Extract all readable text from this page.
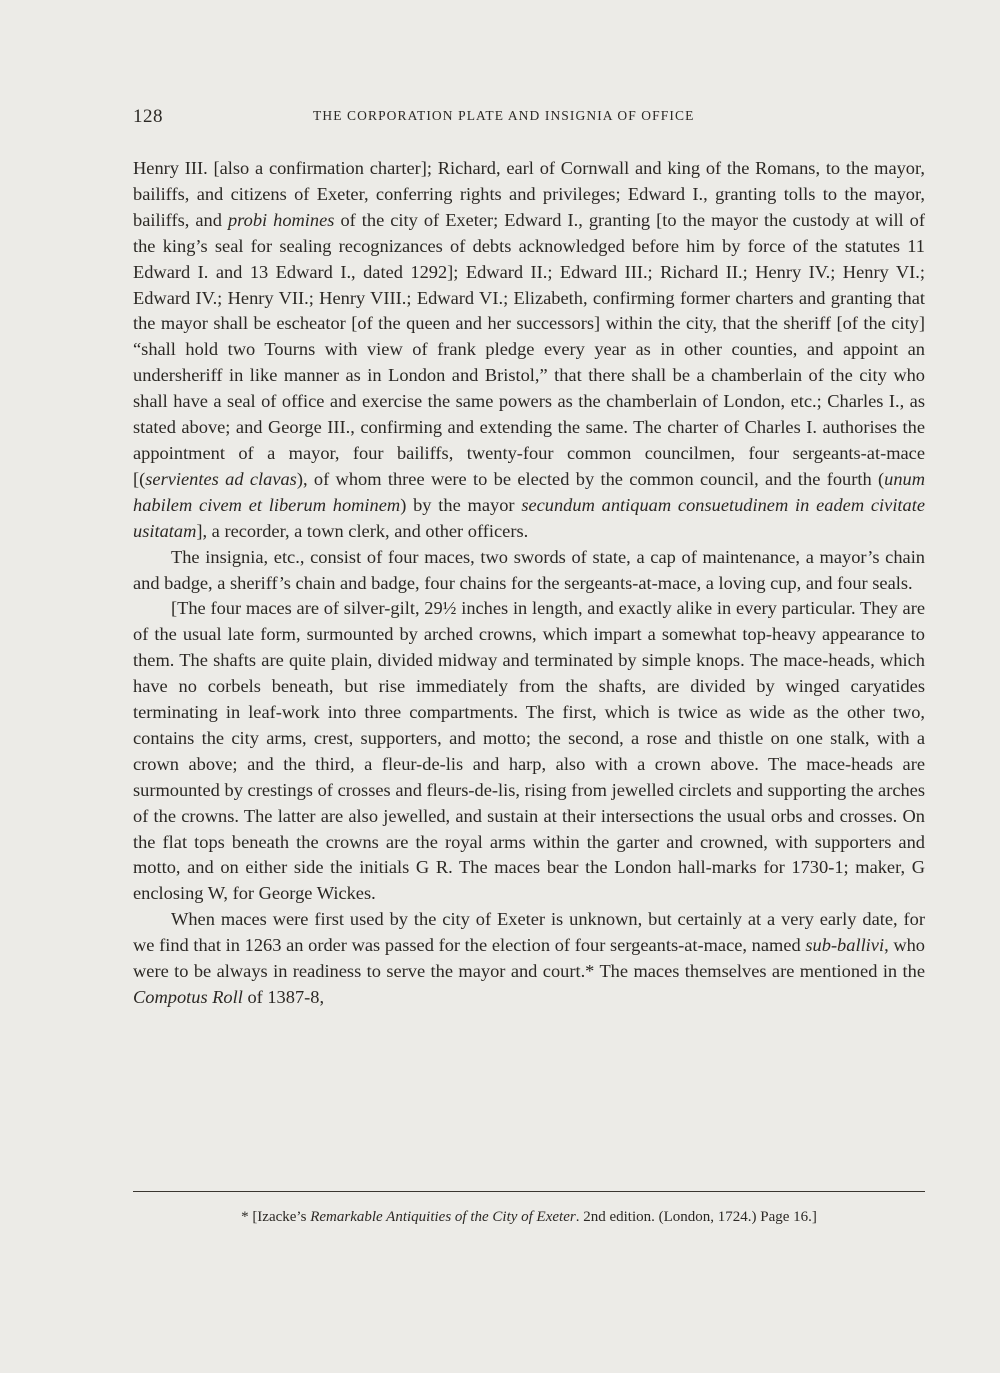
128	THE CORPORATION PLATE AND INSIGNIA OF OFFICE

Henry III. [also a confirmation charter]; Richard, earl of Cornwall and king of the Romans, to the mayor, bailiffs, and citizens of Exeter, conferring rights and privileges; Edward I., granting tolls to the mayor, bailiffs, and probi homines of the city of Exeter; Edward I., granting [to the mayor the custody at will of the king’s seal for sealing recognizances of debts acknowledged before him by force of the statutes 11 Edward I. and 13 Edward I., dated 1292]; Edward II.; Edward III.; Richard II.; Henry IV.; Henry VI.; Edward IV.; Henry VII.; Henry VIII.; Edward VI.; Elizabeth, confirming former charters and granting that the mayor shall be escheator [of the queen and her successors] within the city, that the sheriff [of the city] “shall hold two Tourns with view of frank pledge every year as in other counties, and appoint an undersheriff in like manner as in London and Bristol,” that there shall be a chamberlain of the city who shall have a seal of office and exercise the same powers as the chamberlain of London, etc.; Charles I., as stated above; and George III., confirming and extending the same. The charter of Charles I. authorises the appointment of a mayor, four bailiffs, twenty-four common councilmen, four sergeants-at-mace [(servientes ad clavas), of whom three were to be elected by the common council, and the fourth (unum habilem civem et liberum hominem) by the mayor secundum antiquam consuetudinem in eadem civitate usitatam], a recorder, a town clerk, and other officers.

The insignia, etc., consist of four maces, two swords of state, a cap of maintenance, a mayor’s chain and badge, a sheriff’s chain and badge, four chains for the sergeants-at-mace, a loving cup, and four seals.

[The four maces are of silver-gilt, 29½ inches in length, and exactly alike in every particular. They are of the usual late form, surmounted by arched crowns, which impart a somewhat top-heavy appearance to them. The shafts are quite plain, divided midway and terminated by simple knops. The mace-heads, which have no corbels beneath, but rise immediately from the shafts, are divided by winged caryatides terminating in leaf-work into three compartments. The first, which is twice as wide as the other two, contains the city arms, crest, supporters, and motto; the second, a rose and thistle on one stalk, with a crown above; and the third, a fleur-de-lis and harp, also with a crown above. The mace-heads are surmounted by crestings of crosses and fleurs-de-lis, rising from jewelled circlets and supporting the arches of the crowns. The latter are also jewelled, and sustain at their intersections the usual orbs and crosses. On the flat tops beneath the crowns are the royal arms within the garter and crowned, with supporters and motto, and on either side the initials G R. The maces bear the London hall-marks for 1730-1; maker, G enclosing W, for George Wickes.

When maces were first used by the city of Exeter is unknown, but certainly at a very early date, for we find that in 1263 an order was passed for the election of four sergeants-at-mace, named sub-ballivi, who were to be always in readiness to serve the mayor and court.* The maces themselves are mentioned in the Compotus Roll of 1387-8,

* [Izacke’s Remarkable Antiquities of the City of Exeter. 2nd edition. (London, 1724.) Page 16.]
